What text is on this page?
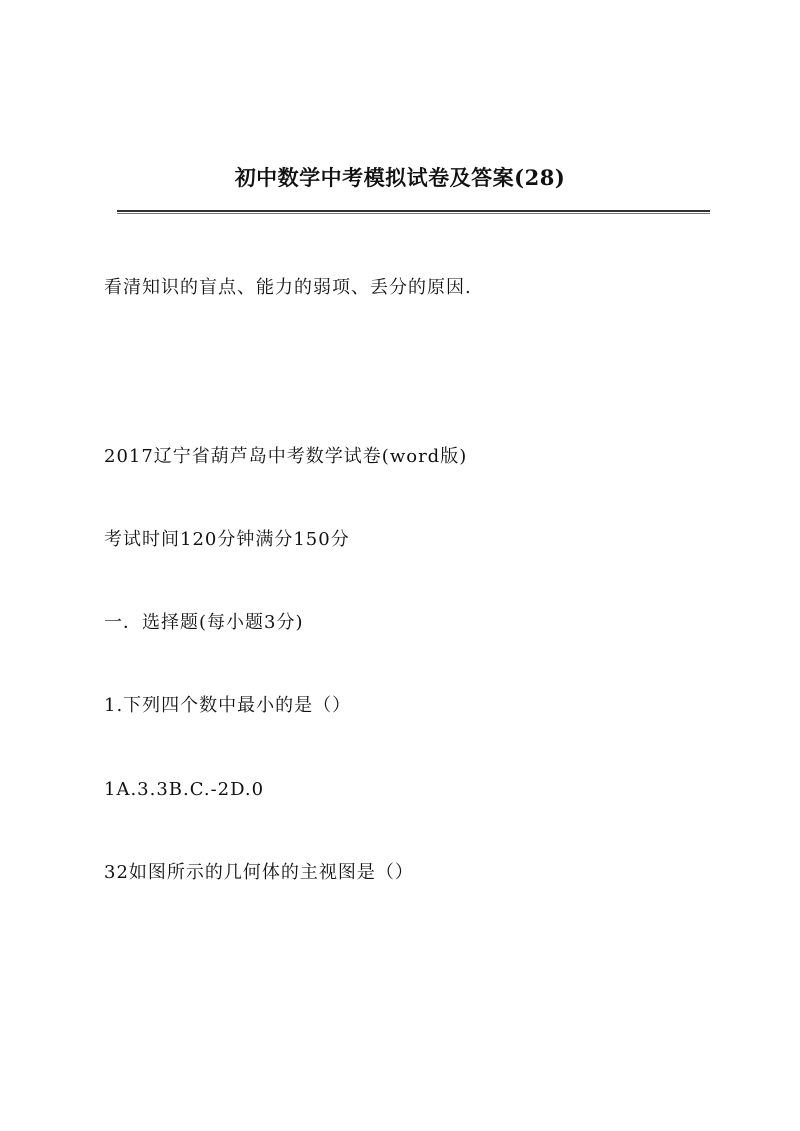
初中数学中考模拟试卷及答案(28)
看清知识的盲点、能力的弱项、丢分的原因.
2017辽宁省葫芦岛中考数学试卷(word版)
考试时间120分钟满分150分
一．选择题(每小题3分)
1.下列四个数中最小的是（）
1A.3.3B.C.-2D.0
32如图所示的几何体的主视图是（）
